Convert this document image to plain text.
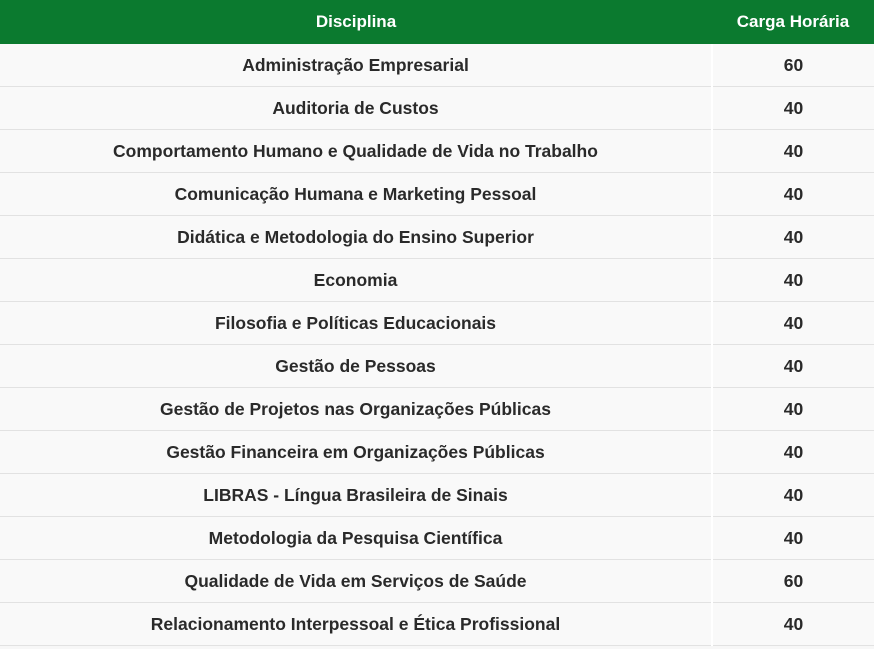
Disciplina	Carga Horária
Administração Empresarial	60
Auditoria de Custos	40
Comportamento Humano e Qualidade de Vida no Trabalho	40
Comunicação Humana e Marketing Pessoal	40
Didática e Metodologia do Ensino Superior	40
Economia	40
Filosofia e Políticas Educacionais	40
Gestão de Pessoas	40
Gestão de Projetos nas Organizações Públicas	40
Gestão Financeira em Organizações Públicas	40
LIBRAS - Língua Brasileira de Sinais	40
Metodologia da Pesquisa Científica	40
Qualidade de Vida em Serviços de Saúde	60
Relacionamento Interpessoal e Ética Profissional	40
